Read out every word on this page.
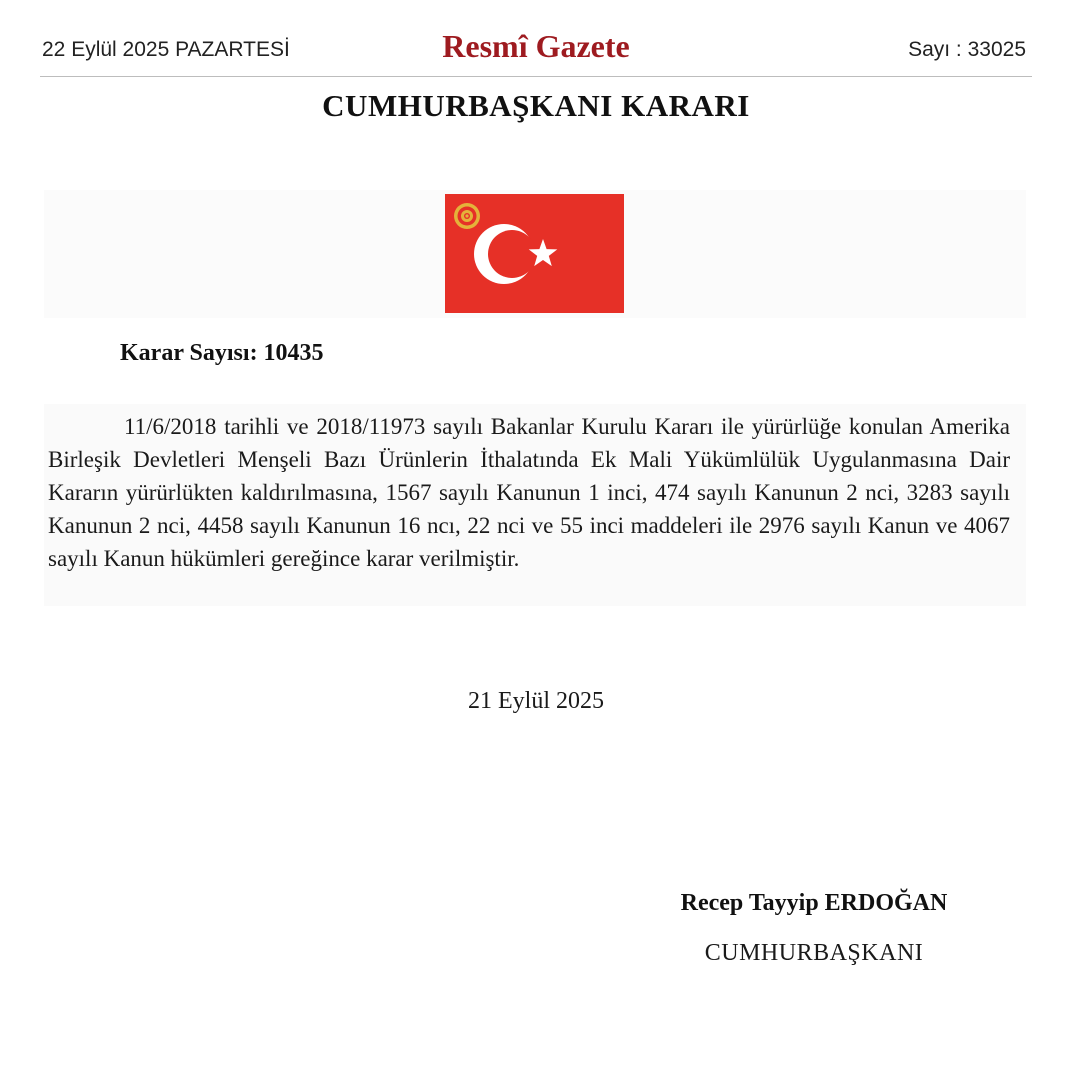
22 Eylül 2025 PAZARTESİ	Resmî Gazete	Sayı : 33025
CUMHURBAŞKANI KARARI
Karar Sayısı: 10435
11/6/2018 tarihli ve 2018/11973 sayılı Bakanlar Kurulu Kararı ile yürürlüğe konulan Amerika Birleşik Devletleri Menşeli Bazı Ürünlerin İthalatında Ek Mali Yükümlülük Uygulanmasına Dair Kararın yürürlükten kaldırılmasına, 1567 sayılı Kanunun 1 inci, 474 sayılı Kanunun 2 nci, 3283 sayılı Kanunun 2 nci, 4458 sayılı Kanunun 16 ncı, 22 nci ve 55 inci maddeleri ile 2976 sayılı Kanun ve 4067 sayılı Kanun hükümleri gereğince karar verilmiştir.
21 Eylül 2025
Recep Tayyip ERDOĞAN
CUMHURBAŞKANI
